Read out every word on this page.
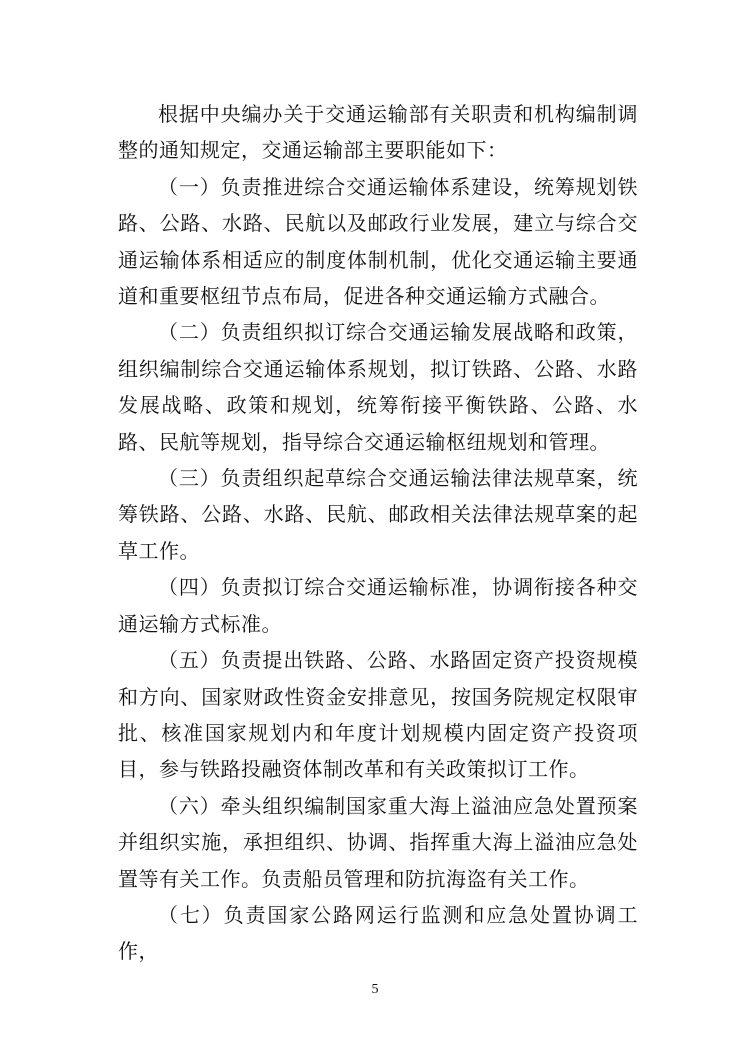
根据中央编办关于交通运输部有关职责和机构编制调整的通知规定，交通运输部主要职能如下：

（一）负责推进综合交通运输体系建设，统筹规划铁路、公路、水路、民航以及邮政行业发展，建立与综合交通运输体系相适应的制度体制机制，优化交通运输主要通道和重要枢纽节点布局，促进各种交通运输方式融合。

（二）负责组织拟订综合交通运输发展战略和政策，组织编制综合交通运输体系规划，拟订铁路、公路、水路发展战略、政策和规划，统筹衔接平衡铁路、公路、水路、民航等规划，指导综合交通运输枢纽规划和管理。

（三）负责组织起草综合交通运输法律法规草案，统筹铁路、公路、水路、民航、邮政相关法律法规草案的起草工作。

（四）负责拟订综合交通运输标准，协调衔接各种交通运输方式标准。

（五）负责提出铁路、公路、水路固定资产投资规模和方向、国家财政性资金安排意见，按国务院规定权限审批、核准国家规划内和年度计划规模内固定资产投资项目，参与铁路投融资体制改革和有关政策拟订工作。

（六）牵头组织编制国家重大海上溢油应急处置预案并组织实施，承担组织、协调、指挥重大海上溢油应急处置等有关工作。负责船员管理和防抗海盗有关工作。

（七）负责国家公路网运行监测和应急处置协调工作，

5
